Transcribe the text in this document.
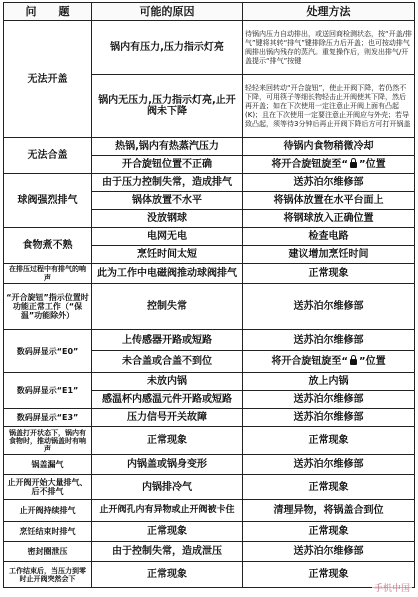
问　　题	可能的原因	处理方法
无法开盖	锅内有压力,压力指示灯亮	待锅内压力自动排出，或送回商检测状态，按“开盖/排气”键将其转“排气”键排除压力后开盖；也可按动排气阀排出锅内残存的蒸汽。重复操作后，则发出排气/开盖提示“排气”按键
	锅内无压力,压力指示灯亮,止开阀未下降	轻轻来回转动“开合旋钮”，使止开阀下降，若仍然不下降，可用筷子等细长物轻击止开阀使其下降，然后再开盖；如在下次使用一定注意止开阀上面有凸起(K)；且在下次使用一定要注意止开阀应与外壳；若导致凸起，须等待3分钟后再止开阀下降后方可打开锅盖
无法合盖	热锅,锅内有热蒸汽压力	待锅内食物稍微冷却
	开合旋钮位置不正确	将开合旋钮旋至“ ”位置
球阀强烈排气	由于压力控制失常，造成排气	送苏泊尔维修部
	锅体放置不水平	将锅体放置在水平台面上
	没放钢球	将钢球放入正确位置
食物煮不熟	电网无电	检查电路
	烹饪时间太短	建议增加烹饪时间
在排压过程中有排气的响声	此为工作中电磁阀推动球阀排气	正常现象
“开合旋钮”指示位置时功能正常工作（“保温”功能除外）	控制失常	送苏泊尔维修部
数码屏显示“E0”	上传感器开路或短路	送苏泊尔维修部
	未合盖或合盖不到位	将开合旋钮旋至“ ”位置
数码屏显示“E1”	未放内锅	放上内锅
	感温杯内感温元件开路或短路	送苏泊尔维修部
数码屏显示“E3”	压力信号开关故障	送苏泊尔维修部
锅盖打开状态下，锅内有食物时，推动锅盖时有响声	正常现象	正常现象
锅盖漏气	内锅盖或锅身变形	送苏泊尔维修部
止开阀开始大量排气、后不排气	内锅排冷气	正常现象
止开阀持续排气	止开阀孔内有异物或止开阀被卡住	清理异物，将锅盖合到位
烹饪结束时排气	正常现象	正常现象
密封圈泄压	由于控制失常，造成泄压	送苏泊尔维修部
工作结束后，当压力到零时止开阀突然会下	正常现象	正常现象
手机中国
